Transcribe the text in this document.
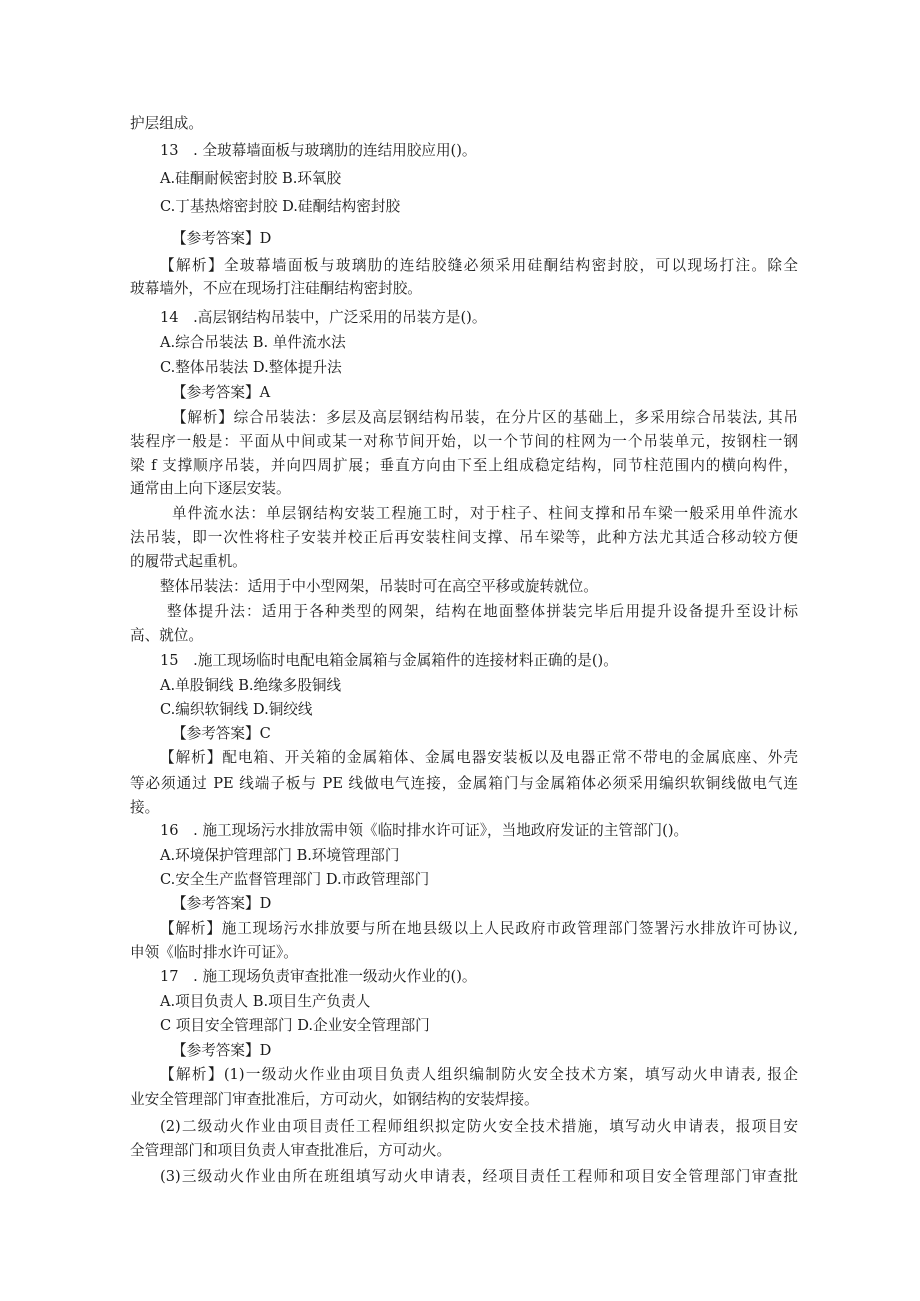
护层组成。
13　. 全玻幕墙面板与玻璃肋的连结用胶应用()。
A.硅酮耐候密封胶 B.环氧胶
C.丁基热熔密封胶 D.硅酮结构密封胶
【参考答案】D
【解析】全玻幕墙面板与玻璃肋的连结胶缝必须采用硅酮结构密封胶，可以现场打注。除全
玻幕墙外，不应在现场打注硅酮结构密封胶。
14　.高层钢结构吊装中，广泛采用的吊装方是()。
A.综合吊装法 B. 单件流水法
C.整体吊装法 D.整体提升法
【参考答案】A
【解析】综合吊装法：多层及高层钢结构吊装，在分片区的基础上，多采用综合吊装法, 其吊
装程序一般是：平面从中间或某一对称节间开始，以一个节间的柱网为一个吊装单元，按钢柱一钢
梁 f 支撑顺序吊装，并向四周扩展；垂直方向由下至上组成稳定结构，同节柱范围内的横向构件，
通常由上向下逐层安装。
单件流水法：单层钢结构安装工程施工时，对于柱子、柱间支撑和吊车梁一般采用单件流水
法吊装，即一次性将柱子安装并校正后再安装柱间支撑、吊车梁等，此种方法尤其适合移动较方便
的履带式起重机。
整体吊装法：适用于中小型网架，吊装时可在高空平移或旋转就位。
整体提升法：适用于各种类型的网架，结构在地面整体拼装完毕后用提升设备提升至设计标
高、就位。
15　.施工现场临时电配电箱金属箱与金属箱件的连接材料正确的是()。
A.单股铜线 B.绝缘多股铜线
C.编织软铜线 D.铜绞线
【参考答案】C
【解析】配电箱、开关箱的金属箱体、金属电器安装板以及电器正常不带电的金属底座、外壳
等必须通过 PE 线端子板与 PE 线做电气连接，金属箱门与金属箱体必须采用编织软铜线做电气连
接。
16　. 施工现场污水排放需申领《临时排水许可证》，当地政府发证的主管部门()。
A.环境保护管理部门 B.环境管理部门
C.安全生产监督管理部门 D.市政管理部门
【参考答案】D
【解析】施工现场污水排放要与所在地县级以上人民政府市政管理部门签署污水排放许可协议,
申领《临时排水许可证》。
17　. 施工现场负责审查批准一级动火作业的()。
A.项目负责人 B.项目生产负责人
C 项目安全管理部门 D.企业安全管理部门
【参考答案】D
【解析】(1)一级动火作业由项目负责人组织编制防火安全技术方案，填写动火申请表, 报企
业安全管理部门审查批准后，方可动火，如钢结构的安装焊接。
(2)二级动火作业由项目责任工程师组织拟定防火安全技术措施，填写动火申请表，报项目安
全管理部门和项目负责人审查批准后，方可动火。
(3)三级动火作业由所在班组填写动火申请表，经项目责任工程师和项目安全管理部门审查批
